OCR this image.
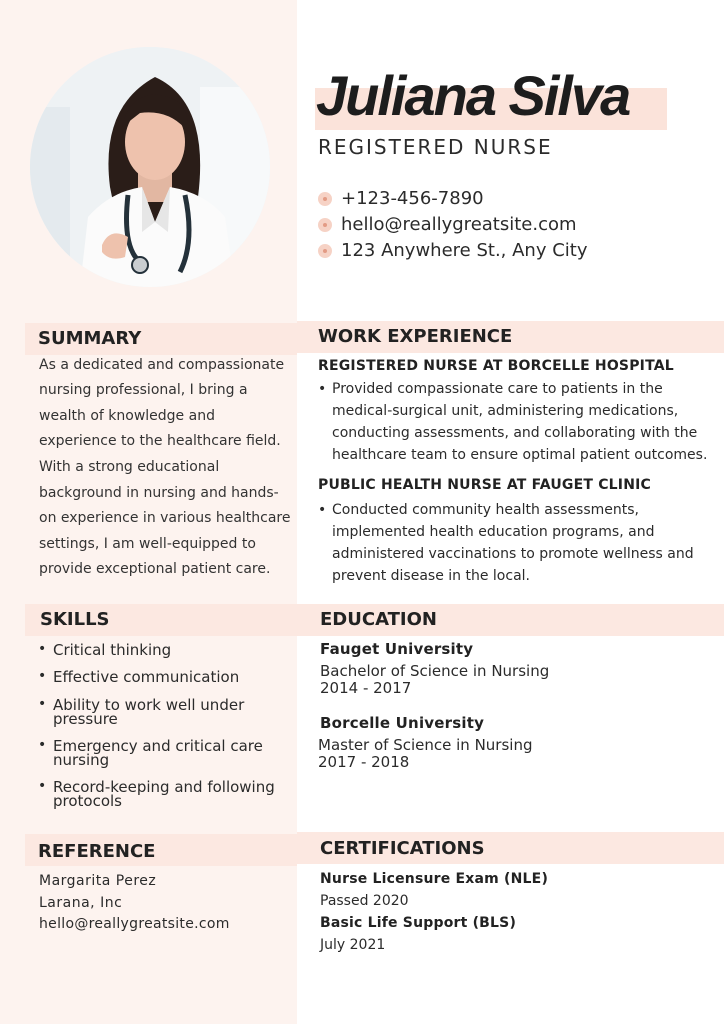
Juliana Silva
REGISTERED NURSE
+123-456-7890
hello@reallygreatsite.com
123 Anywhere St., Any City
SUMMARY
As a dedicated and compassionate
nursing professional, I bring a
wealth of knowledge and
experience to the healthcare field.
With a strong educational
background in nursing and hands-
on experience in various healthcare
settings, I am well-equipped to
provide exceptional patient care.
WORK EXPERIENCE
REGISTERED NURSE AT BORCELLE HOSPITAL
• Provided compassionate care to patients in the
medical-surgical unit, administering medications,
conducting assessments, and collaborating with the
healthcare team to ensure optimal patient outcomes.
PUBLIC HEALTH NURSE AT FAUGET CLINIC
• Conducted community health assessments,
implemented health education programs, and
administered vaccinations to promote wellness and
prevent disease in the local.
SKILLS
• Critical thinking
• Effective communication
• Ability to work well under
pressure
• Emergency and critical care
nursing
• Record-keeping and following
protocols
EDUCATION
Fauget University
Bachelor of Science in Nursing
2014 - 2017
Borcelle University
Master of Science in Nursing
2017 - 2018
REFERENCE
Margarita Perez
Larana, Inc
hello@reallygreatsite.com
CERTIFICATIONS
Nurse Licensure Exam (NLE)
Passed 2020
Basic Life Support (BLS)
July 2021
